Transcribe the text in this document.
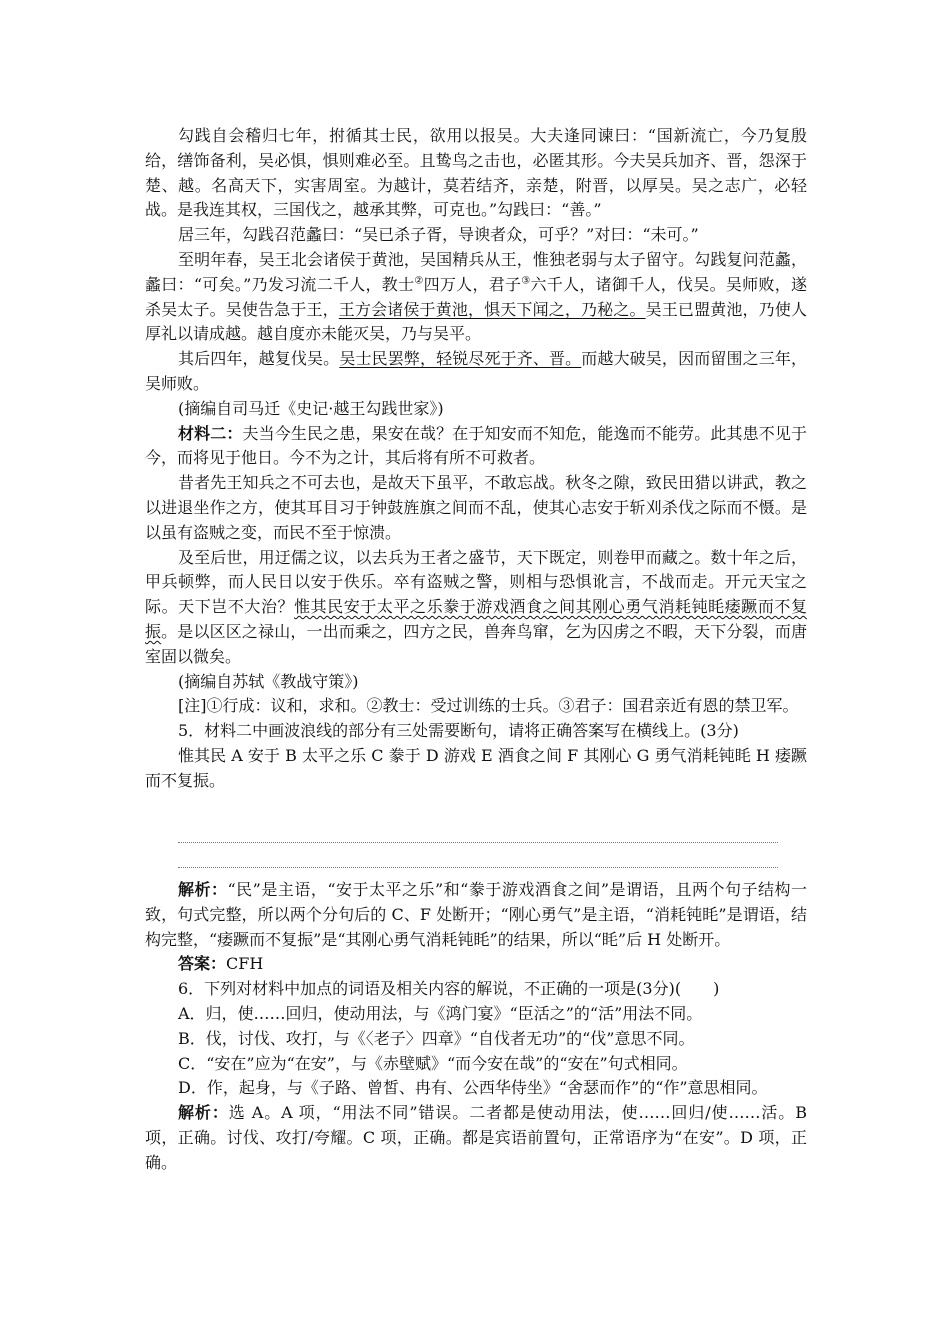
勾践自会稽归七年，拊循其士民，欲用以报吴。大夫逢同谏曰：“国新流亡，今乃复殷给，缮饰备利，吴必惧，惧则难必至。且鸷鸟之击也，必匿其形。今夫吴兵加齐、晋，怨深于楚、越。名高天下，实害周室。为越计，莫若结齐，亲楚，附晋，以厚吴。吴之志广，必轻战。是我连其权，三国伐之，越承其弊，可克也。”勾践曰：“善。”

居三年，勾践召范蠡曰：“吴已杀子胥，导谀者众，可乎？”对曰：“未可。”

至明年春，吴王北会诸侯于黄池，吴国精兵从王，惟独老弱与太子留守。勾践复问范蠡，蠡曰：“可矣。”乃发习流二千人，教士②四万人，君子③六千人，诸御千人，伐吴。吴师败，遂杀吴太子。吴使告急于王，王方会诸侯于黄池，惧天下闻之，乃秘之。吴王已盟黄池，乃使人厚礼以请成越。越自度亦未能灭吴，乃与吴平。

其后四年，越复伐吴。吴士民罢弊，轻锐尽死于齐、晋。而越大破吴，因而留围之三年，吴师败。

(摘编自司马迁《史记·越王勾践世家》)

材料二：夫当今生民之患，果安在哉？在于知安而不知危，能逸而不能劳。此其患不见于今，而将见于他日。今不为之计，其后将有所不可救者。

昔者先王知兵之不可去也，是故天下虽平，不敢忘战。秋冬之隙，致民田猎以讲武，教之以进退坐作之方，使其耳目习于钟鼓旌旗之间而不乱，使其心志安于斩刈杀伐之际而不慑。是以虽有盗贼之变，而民不至于惊溃。

及至后世，用迂儒之议，以去兵为王者之盛节，天下既定，则卷甲而藏之。数十年之后，甲兵顿弊，而人民日以安于佚乐。卒有盗贼之警，则相与恐惧讹言，不战而走。开元天宝之际。天下岂不大治？惟其民安于太平之乐豢于游戏酒食之间其刚心勇气消耗钝眊痿蹶而不复振。是以区区之禄山，一出而乘之，四方之民，兽奔鸟窜，乞为囚虏之不暇，天下分裂，而唐室固以微矣。

(摘编自苏轼《教战守策》)

[注]①行成：议和，求和。②教士：受过训练的士兵。③君子：国君亲近有恩的禁卫军。

5．材料二中画波浪线的部分有三处需要断句，请将正确答案写在横线上。(3分)

惟其民 A 安于 B 太平之乐 C 豢于 D 游戏 E 酒食之间 F 其刚心 G 勇气消耗钝眊 H 痿蹶而不复振。

解析：“民”是主语，“安于太平之乐”和“豢于游戏酒食之间”是谓语，且两个句子结构一致，句式完整，所以两个分句后的 C、F 处断开；“刚心勇气”是主语，“消耗钝眊”是谓语，结构完整，“痿蹶而不复振”是“其刚心勇气消耗钝眊”的结果，所以“眊”后 H 处断开。

答案：CFH

6．下列对材料中加点的词语及相关内容的解说，不正确的一项是(3分)(　　)

A．归，使……回归，使动用法，与《鸿门宴》“臣活之”的“活”用法不同。

B．伐，讨伐、攻打，与《〈老子〉四章》“自伐者无功”的“伐”意思不同。

C．“安在”应为“在安”，与《赤壁赋》“而今安在哉”的“安在”句式相同。

D．作，起身，与《子路、曾皙、冉有、公西华侍坐》“舍瑟而作”的“作”意思相同。

解析：选 A。A 项，“用法不同”错误。二者都是使动用法，使……回归/使……活。B 项，正确。讨伐、攻打/夸耀。C 项，正确。都是宾语前置句，正常语序为“在安”。D 项，正确。
